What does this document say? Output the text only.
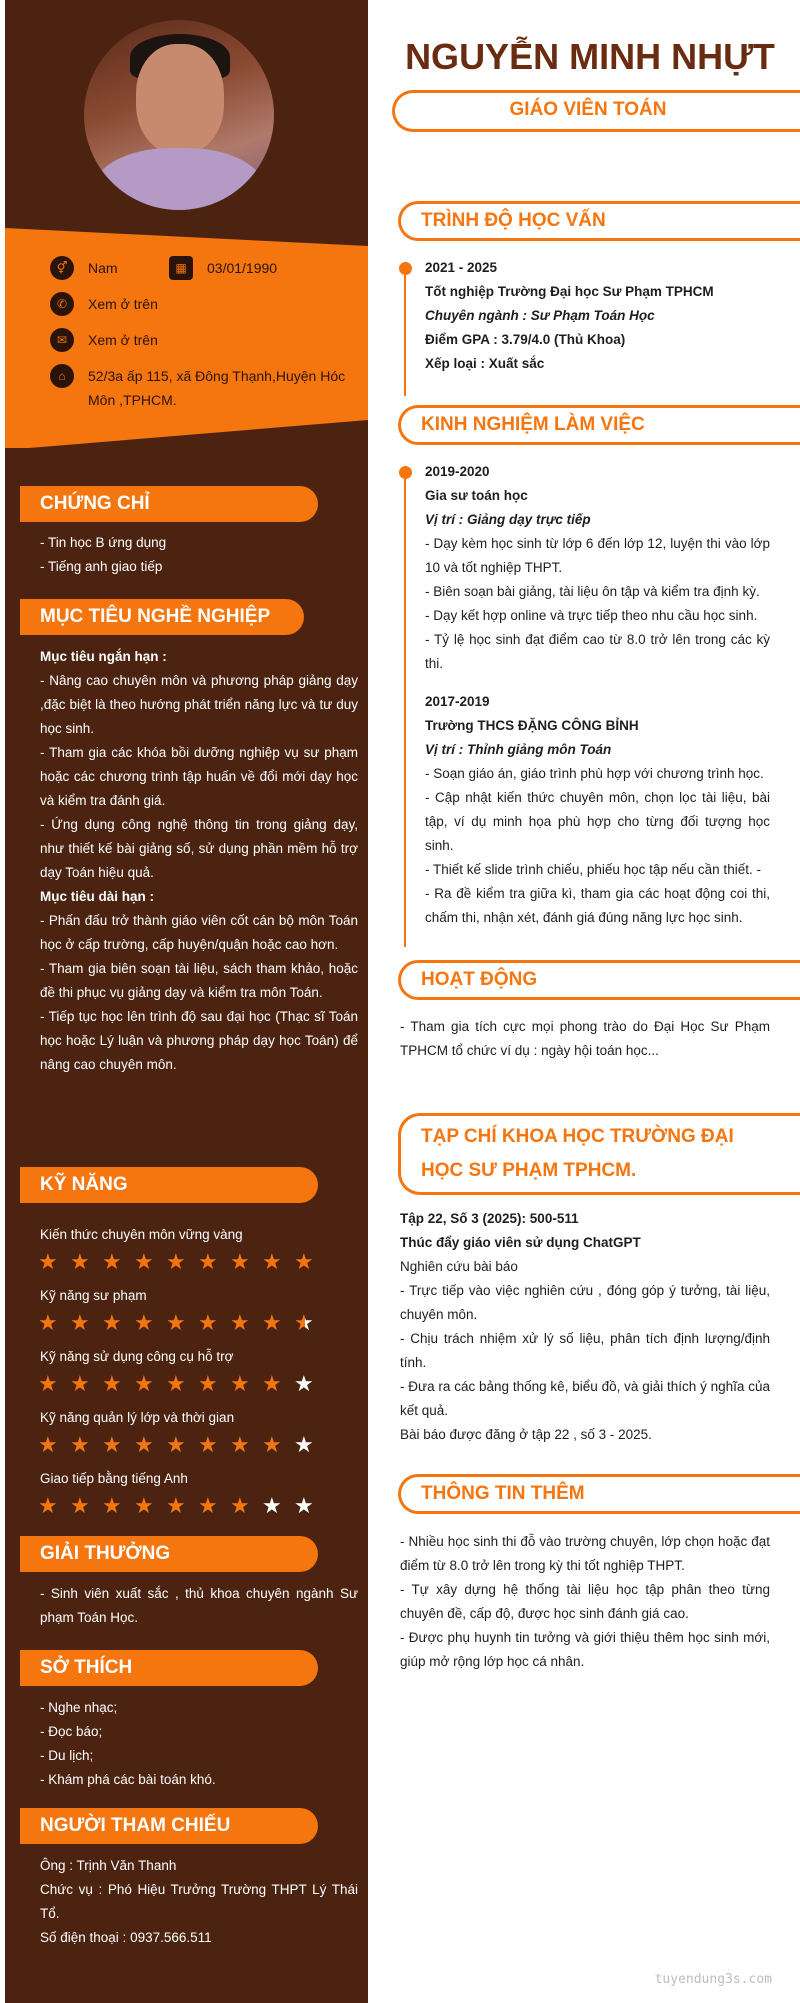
⚥	Nam	▦	03/01/1990
✆	Xem ở trên
✉	Xem ở trên
⌂	52/3a ấp 115, xã Đông Thạnh,Huyện Hóc Môn ,TPHCM.
CHỨNG CHỈ

- Tin học B ứng dụng

- Tiếng anh giao tiếp

MỤC TIÊU NGHỀ NGHIỆP

Mục tiêu ngắn hạn :

- Nâng cao chuyên môn và phương pháp giảng dạy ,đặc biệt là theo hướng phát triển năng lực và tư duy học sinh.

- Tham gia các khóa bồi dưỡng nghiệp vụ sư phạm hoặc các chương trình tập huấn về đổi mới dạy học và kiểm tra đánh giá.

- Ứng dụng công nghệ thông tin trong giảng dạy, như thiết kế bài giảng số, sử dụng phần mềm hỗ trợ dạy Toán hiệu quả.

Mục tiêu dài hạn :

- Phấn đấu trở thành giáo viên cốt cán bộ môn Toán học ở cấp trường, cấp huyện/quận hoặc cao hơn.

- Tham gia biên soạn tài liệu, sách tham khảo, hoặc đề thi phục vụ giảng dạy và kiểm tra môn Toán.

- Tiếp tục học lên trình độ sau đại học (Thạc sĩ Toán học hoặc Lý luận và phương pháp dạy học Toán) để nâng cao chuyên môn.

KỸ NĂNG
Kiến thức chuyên môn vững vàng
★ ★ ★ ★ ★ ★ ★ ★ ★
Kỹ năng sư phạm
★ ★ ★ ★ ★ ★ ★ ★ ★
Kỹ năng sử dụng công cụ hỗ trợ
★ ★ ★ ★ ★ ★ ★ ★ ★
Kỹ năng quản lý lớp và thời gian
★ ★ ★ ★ ★ ★ ★ ★ ★
Giao tiếp bằng tiếng Anh
★ ★ ★ ★ ★ ★ ★ ★ ★
GIẢI THƯỞNG

- Sinh viên xuất sắc , thủ khoa chuyên ngành Sư phạm Toán Học.

SỞ THÍCH

- Nghe nhạc;

- Đọc báo;

- Du lịch;

- Khám phá các bài toán khó.

NGƯỜI THAM CHIẾU

Ông : Trịnh Văn Thanh

Chức vụ : Phó Hiệu Trưởng Trường THPT Lý Thái Tổ.

Số điện thoại : 0937.566.511

NGUYỄN MINH NHỰT
GIÁO VIÊN TOÁN
TRÌNH ĐỘ HỌC VẤN

2021 - 2025

Tốt nghiệp Trường Đại học Sư Phạm TPHCM

Chuyên ngành : Sư Phạm Toán Học

Điểm GPA : 3.79/4.0 (Thủ Khoa)

Xếp loại : Xuất sắc

KINH NGHIỆM LÀM VIỆC

2019-2020

Gia sư toán học

Vị trí : Giảng dạy trực tiếp

- Dạy kèm học sinh từ lớp 6 đến lớp 12, luyện thi vào lớp 10 và tốt nghiệp THPT.

- Biên soạn bài giảng, tài liệu ôn tập và kiểm tra định kỳ.

- Dạy kết hợp online và trực tiếp theo nhu cầu học sinh.

- Tỷ lệ học sinh đạt điểm cao từ 8.0 trở lên trong các kỳ thi.

2017-2019

Trường THCS ĐẶNG CÔNG BỈNH

Vị trí : Thỉnh giảng môn Toán

- Soạn giáo án, giáo trình phù hợp với chương trình học.

- Cập nhật kiến thức chuyên môn, chọn lọc tài liệu, bài tập, ví dụ minh họa phù hợp cho từng đối tượng học sinh.

- Thiết kế slide trình chiếu, phiếu học tập nếu cần thiết. -

- Ra đề kiểm tra giữa kì, tham gia các hoạt động coi thi, chấm thi, nhận xét, đánh giá đúng năng lực học sinh.

HOẠT ĐỘNG

- Tham gia tích cực mọi phong trào do Đại Học Sư Phạm TPHCM tổ chức ví dụ : ngày hội toán học...

TẠP CHÍ KHOA HỌC TRƯỜNG ĐẠI
HỌC SƯ PHẠM TPHCM.

Tập 22, Số 3 (2025): 500-511

Thúc đẩy giáo viên sử dụng ChatGPT

Nghiên cứu bài báo

- Trực tiếp vào việc nghiên cứu , đóng góp ý tưởng, tài liệu, chuyên môn.

- Chịu trách nhiệm xử lý số liệu, phân tích định lượng/định tính.

- Đưa ra các bảng thống kê, biểu đồ, và giải thích ý nghĩa của kết quả.

Bài báo được đăng ở tập 22 , số 3 - 2025.

THÔNG TIN THÊM

- Nhiều học sinh thi đỗ vào trường chuyên, lớp chọn hoặc đạt điểm từ 8.0 trở lên trong kỳ thi tốt nghiệp THPT.

- Tự xây dựng hệ thống tài liệu học tập phân theo từng chuyên đề, cấp độ, được học sinh đánh giá cao.

- Được phụ huynh tin tưởng và giới thiệu thêm học sinh mới, giúp mở rộng lớp học cá nhân.

tuyendung3s.com
